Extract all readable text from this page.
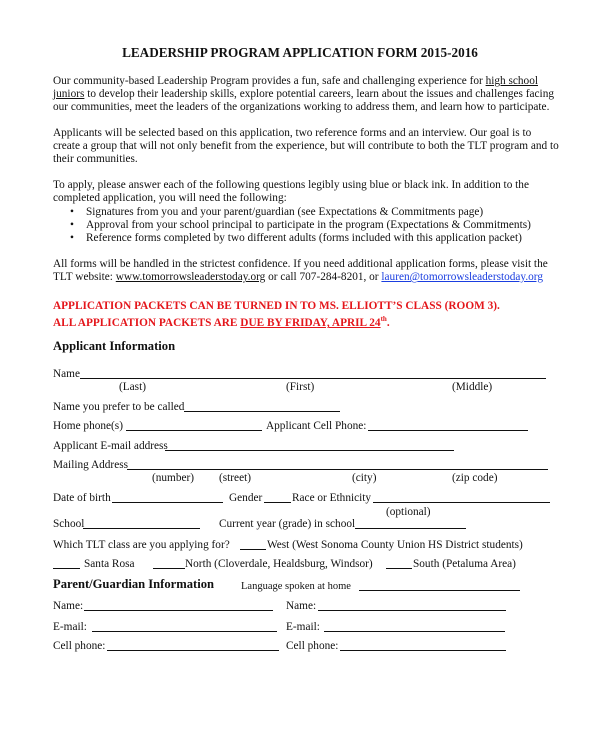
LEADERSHIP PROGRAM APPLICATION FORM 2015-2016
Our community-based Leadership Program provides a fun, safe and challenging experience for high school
juniors to develop their leadership skills, explore potential careers, learn about the issues and challenges facing
our communities, meet the leaders of the organizations working to address them, and learn how to participate.
Applicants will be selected based on this application, two reference forms and an interview. Our goal is to
create a group that will not only benefit from the experience, but will contribute to both the TLT program and to
their communities.
To apply, please answer each of the following questions legibly using blue or black ink. In addition to the
completed application, you will need the following:
• Signatures from you and your parent/guardian (see Expectations & Commitments page)
• Approval from your school principal to participate in the program (Expectations & Commitments)
• Reference forms completed by two different adults (forms included with this application packet)
All forms will be handled in the strictest confidence. If you need additional application forms, please visit the
TLT website: www.tomorrowsleaderstoday.org or call 707-284-8201, or lauren@tomorrowsleaderstoday.org
APPLICATION PACKETS CAN BE TURNED IN TO MS. ELLIOTT’S CLASS (ROOM 3).
ALL APPLICATION PACKETS ARE DUE BY FRIDAY, APRIL 24th.
Applicant Information
Name
(Last)	(First)	(Middle)
Name you prefer to be called
Home phone(s)	Applicant Cell Phone:
Applicant E-mail address
Mailing Address
(number) (street)	(city)	(zip code)
Date of birth	Gender	Race or Ethnicity
(optional)
School	Current year (grade) in school
Which TLT class are you applying for?	West (West Sonoma County Union HS District students)
Santa Rosa	North (Cloverdale, Healdsburg, Windsor)	South (Petaluma Area)
Parent/Guardian Information	Language spoken at home
Name:	Name:
E-mail:	E-mail:
Cell phone:	Cell phone:
